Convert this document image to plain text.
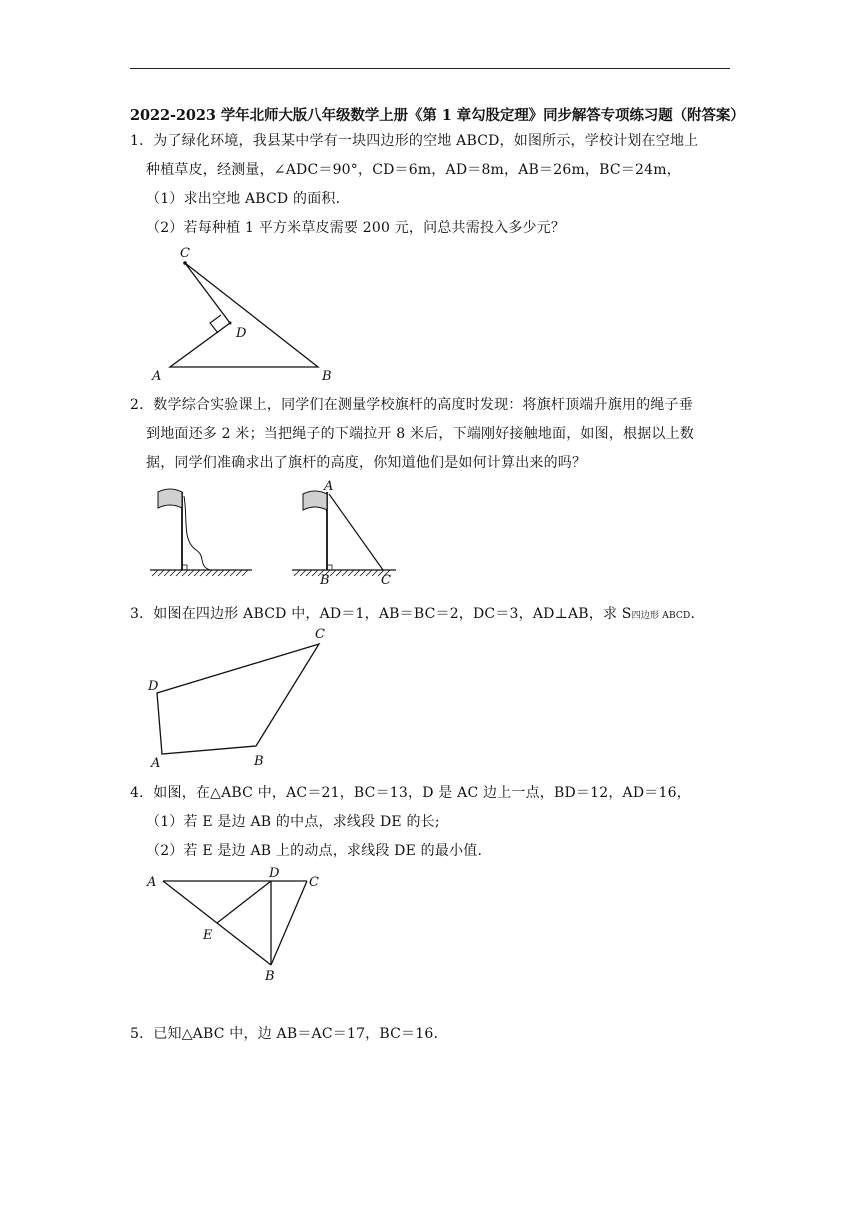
2022-2023 学年北师大版八年级数学上册《第 1 章勾股定理》同步解答专项练习题（附答案）
1．为了绿化环境，我县某中学有一块四边形的空地 ABCD，如图所示，学校计划在空地上
种植草皮，经测量，∠ADC＝90°，CD＝6m，AD＝8m，AB＝26m，BC＝24m，
（1）求出空地 ABCD 的面积.
（2）若每种植 1 平方米草皮需要 200 元，问总共需投入多少元？
C
D
A	B
2．数学综合实验课上，同学们在测量学校旗杆的高度时发现：将旗杆顶端升旗用的绳子垂
到地面还多 2 米；当把绳子的下端拉开 8 米后，下端刚好接触地面，如图，根据以上数
据，同学们准确求出了旗杆的高度，你知道他们是如何计算出来的吗？
A
B	C
3．如图在四边形 ABCD 中，AD＝1，AB＝BC＝2，DC＝3，AD⊥AB，求 S四边形 ABCD.
C
D
A	B
4．如图，在△ABC 中，AC＝21，BC＝13，D 是 AC 边上一点，BD＝12，AD＝16，
（1）若 E 是边 AB 的中点，求线段 DE 的长;
（2）若 E 是边 AB 上的动点，求线段 DE 的最小值.
A
D
C
E
B
5．已知△ABC 中，边 AB＝AC＝17，BC＝16.
